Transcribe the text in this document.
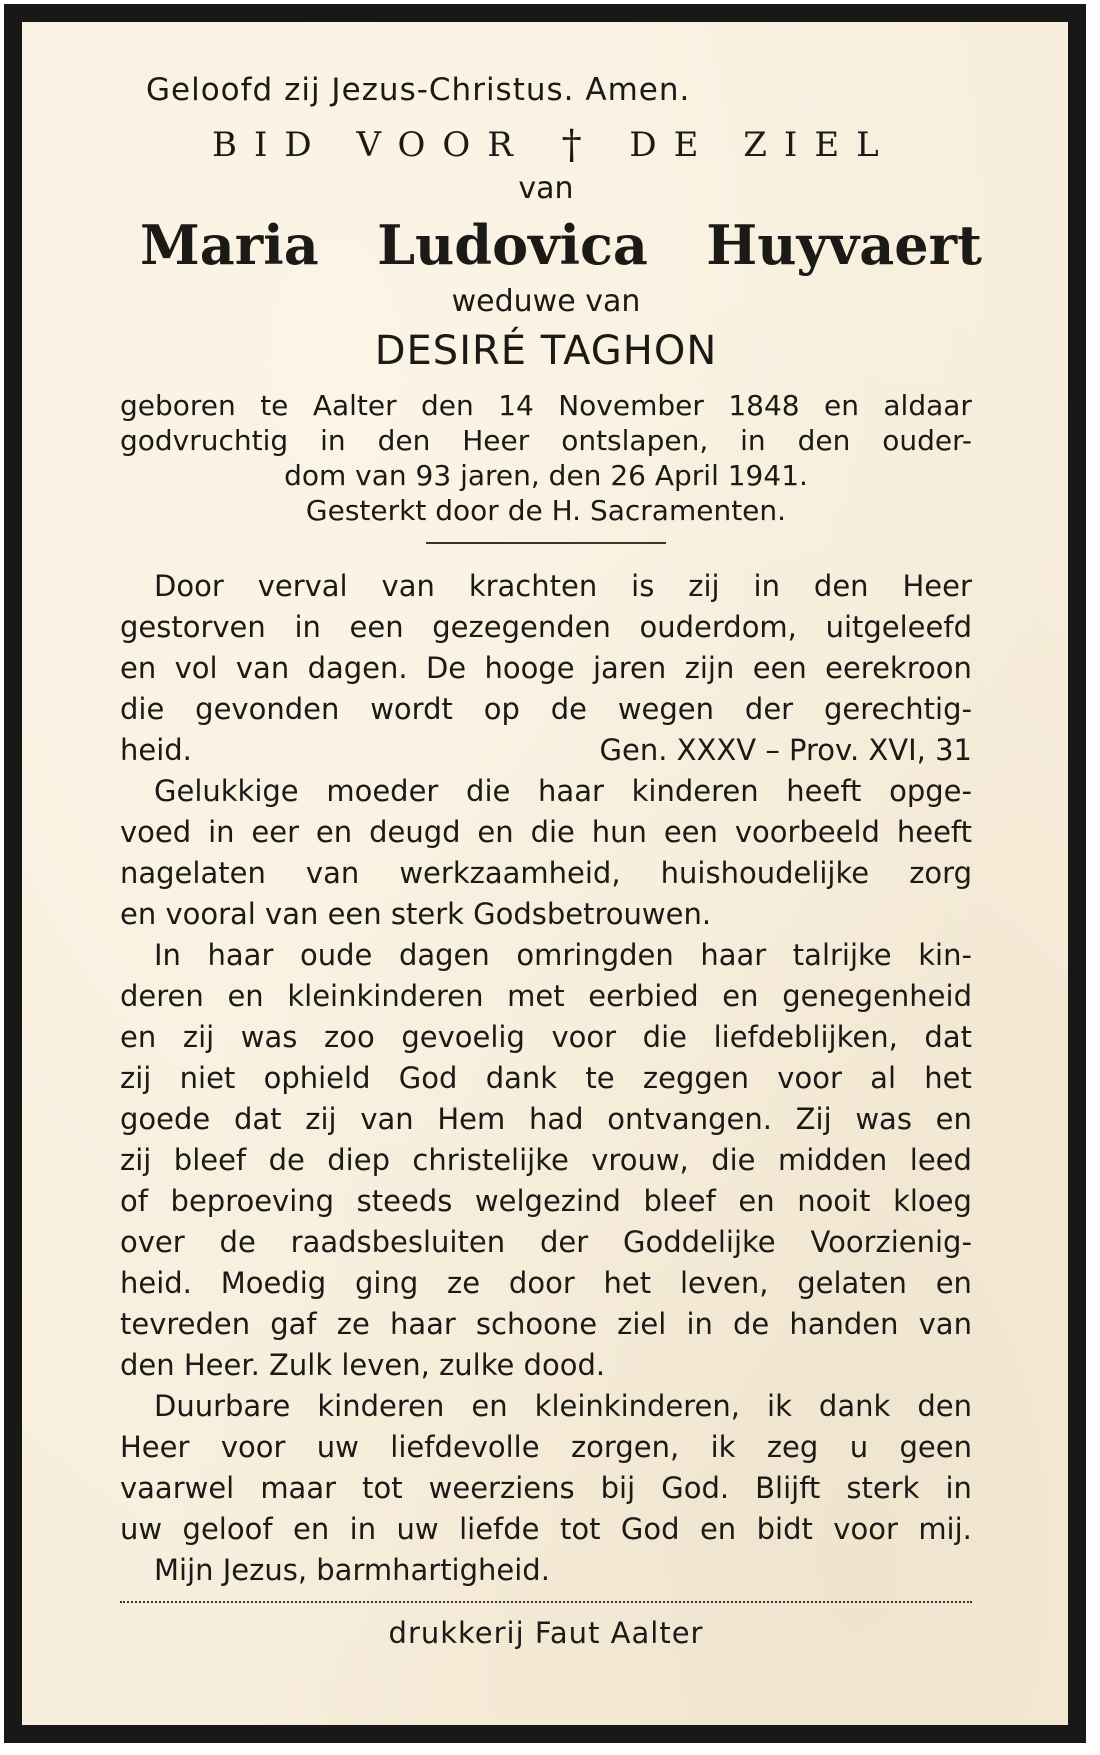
Geloofd zij Jezus-Christus. Amen.
BID VOOR † DE ZIEL
van
Maria Ludovica Huyvaert
weduwe van
DESIRÉ TAGHON
geboren te Aalter den 14 November 1848 en aldaar
godvruchtig in den Heer ontslapen, in den ouder-
dom van 93 jaren, den 26 April 1941.
Gesterkt door de H. Sacramenten.
Door verval van krachten is zij in den Heer
gestorven in een gezegenden ouderdom, uitgeleefd
en vol van dagen. De hooge jaren zijn een eerekroon
die gevonden wordt op de wegen der gerechtig-
heid.	Gen. XXXV – Prov. XVI, 31
Gelukkige moeder die haar kinderen heeft opge-
voed in eer en deugd en die hun een voorbeeld heeft
nagelaten van werkzaamheid, huishoudelijke zorg
en vooral van een sterk Godsbetrouwen.
In haar oude dagen omringden haar talrijke kin-
deren en kleinkinderen met eerbied en genegenheid
en zij was zoo gevoelig voor die liefdeblijken, dat
zij niet ophield God dank te zeggen voor al het
goede dat zij van Hem had ontvangen. Zij was en
zij bleef de diep christelijke vrouw, die midden leed
of beproeving steeds welgezind bleef en nooit kloeg
over de raadsbesluiten der Goddelijke Voorzienig-
heid. Moedig ging ze door het leven, gelaten en
tevreden gaf ze haar schoone ziel in de handen van
den Heer. Zulk leven, zulke dood.
Duurbare kinderen en kleinkinderen, ik dank den
Heer voor uw liefdevolle zorgen, ik zeg u geen
vaarwel maar tot weerziens bij God. Blijft sterk in
uw geloof en in uw liefde tot God en bidt voor mij.
Mijn Jezus, barmhartigheid.
drukkerij Faut Aalter
